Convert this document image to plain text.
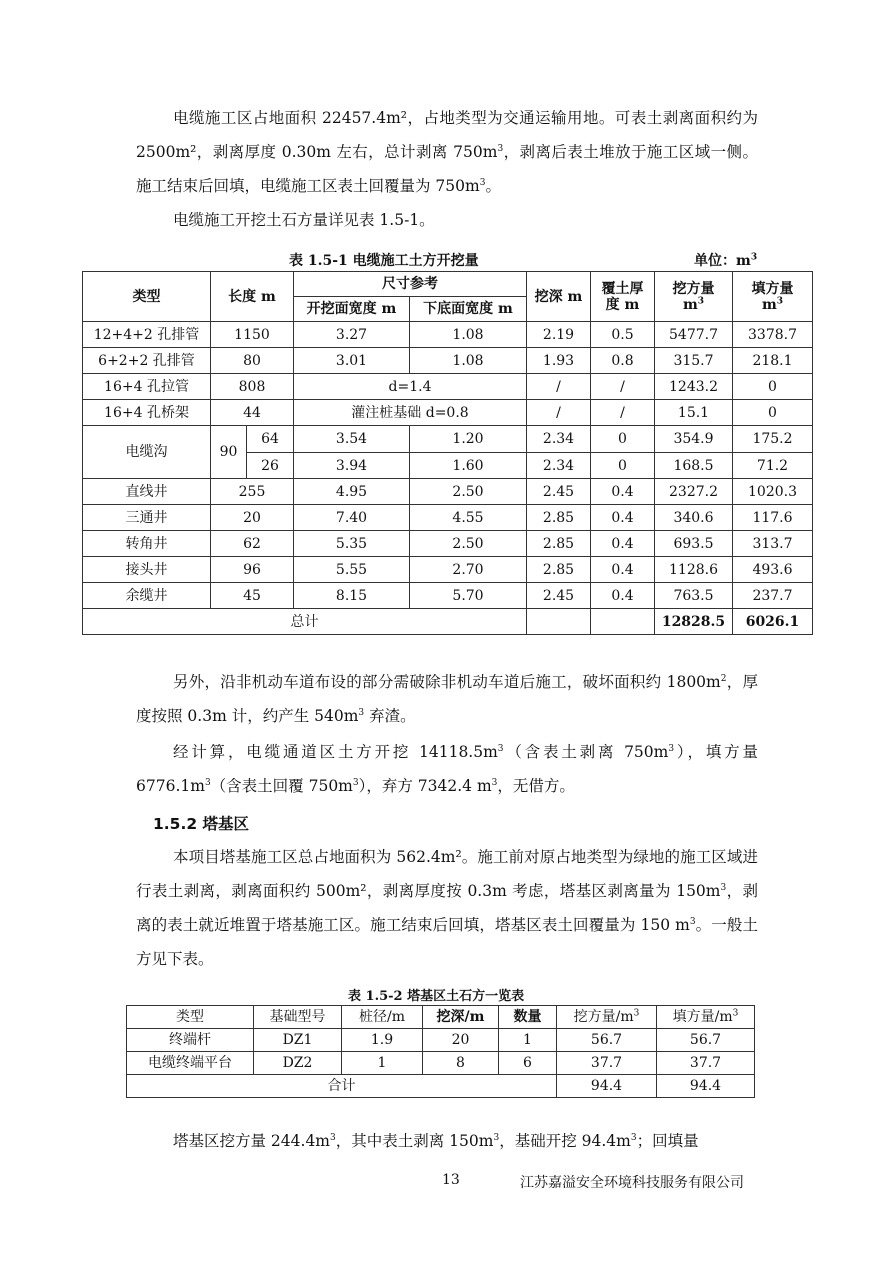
电缆施工区占地面积 22457.4m²，占地类型为交通运输用地。可表土剥离面积约为 2500m²，剥离厚度 0.30m 左右，总计剥离 $750m^3$，剥离后表土堆放于施工区域一侧。施工结束后回填，电缆施工区表土回覆量为 $750m^3$。

电缆施工开挖土石方量详见表 1.5-1。

表 1.5-1 电缆施工土方开挖量	单位：$m^3$
类型	长度 m		尺寸参考		挖深 m	覆土厚度 m	挖方量 $m^3$	填方量 $m^3$
			开挖面宽度 m	下底面宽度 m				
12+4+2 孔排管	1150		3.27	1.08	2.19	0.5	5477.7	3378.7
6+2+2 孔排管	80		3.01	1.08	1.93	0.8	315.7	218.1
16+4 孔拉管	808		d=1.4		/	/	1243.2	0
16+4 孔桥架	44		灌注桩基础 d=0.8		/	/	15.1	0
电缆沟	90	64	3.54	1.20	2.34	0	354.9	175.2
		26	3.94	1.60	2.34	0	168.5	71.2
直线井	255		4.95	2.50	2.45	0.4	2327.2	1020.3
三通井	20		7.40	4.55	2.85	0.4	340.6	117.6
转角井	62		5.35	2.50	2.85	0.4	693.5	313.7
接头井	96		5.55	2.70	2.85	0.4	1128.6	493.6
余缆井	45		8.15	5.70	2.45	0.4	763.5	237.7
总计							12828.5	6026.1

另外，沿非机动车道布设的部分需破除非机动车道后施工，破坏面积约 $1800m^2$，厚度按照 0.3m 计，约产生 $540m^3$ 弃渣。

经计算，电缆通道区土方开挖 $14118.5m^3$（含表土剥离 $750m^3$），填方量 $6776.1m^3$（含表土回覆 $750m^3$），弃方 7342.4 $m^3$，无借方。

1.5.2 塔基区

本项目塔基施工区总占地面积为 562.4m²。施工前对原占地类型为绿地的施工区域进行表土剥离，剥离面积约 500m²，剥离厚度按 0.3m 考虑，塔基区剥离量为 $150m^3$，剥离的表土就近堆置于塔基施工区。施工结束后回填，塔基区表土回覆量为 150 $m^3$。一般土方见下表。

表 1.5-2 塔基区土石方一览表
类型	基础型号	桩径/m	挖深/m	数量	挖方量$/m^3$	填方量$/m^3$
终端杆	DZ1	1.9	20	1	56.7	56.7
电缆终端平台	DZ2	1	8	6	37.7	37.7
合计					94.4	94.4

塔基区挖方量 $244.4m^3$，其中表土剥离 $150m^3$，基础开挖 $94.4m^3$；回填量

13	江苏嘉溢安全环境科技服务有限公司
